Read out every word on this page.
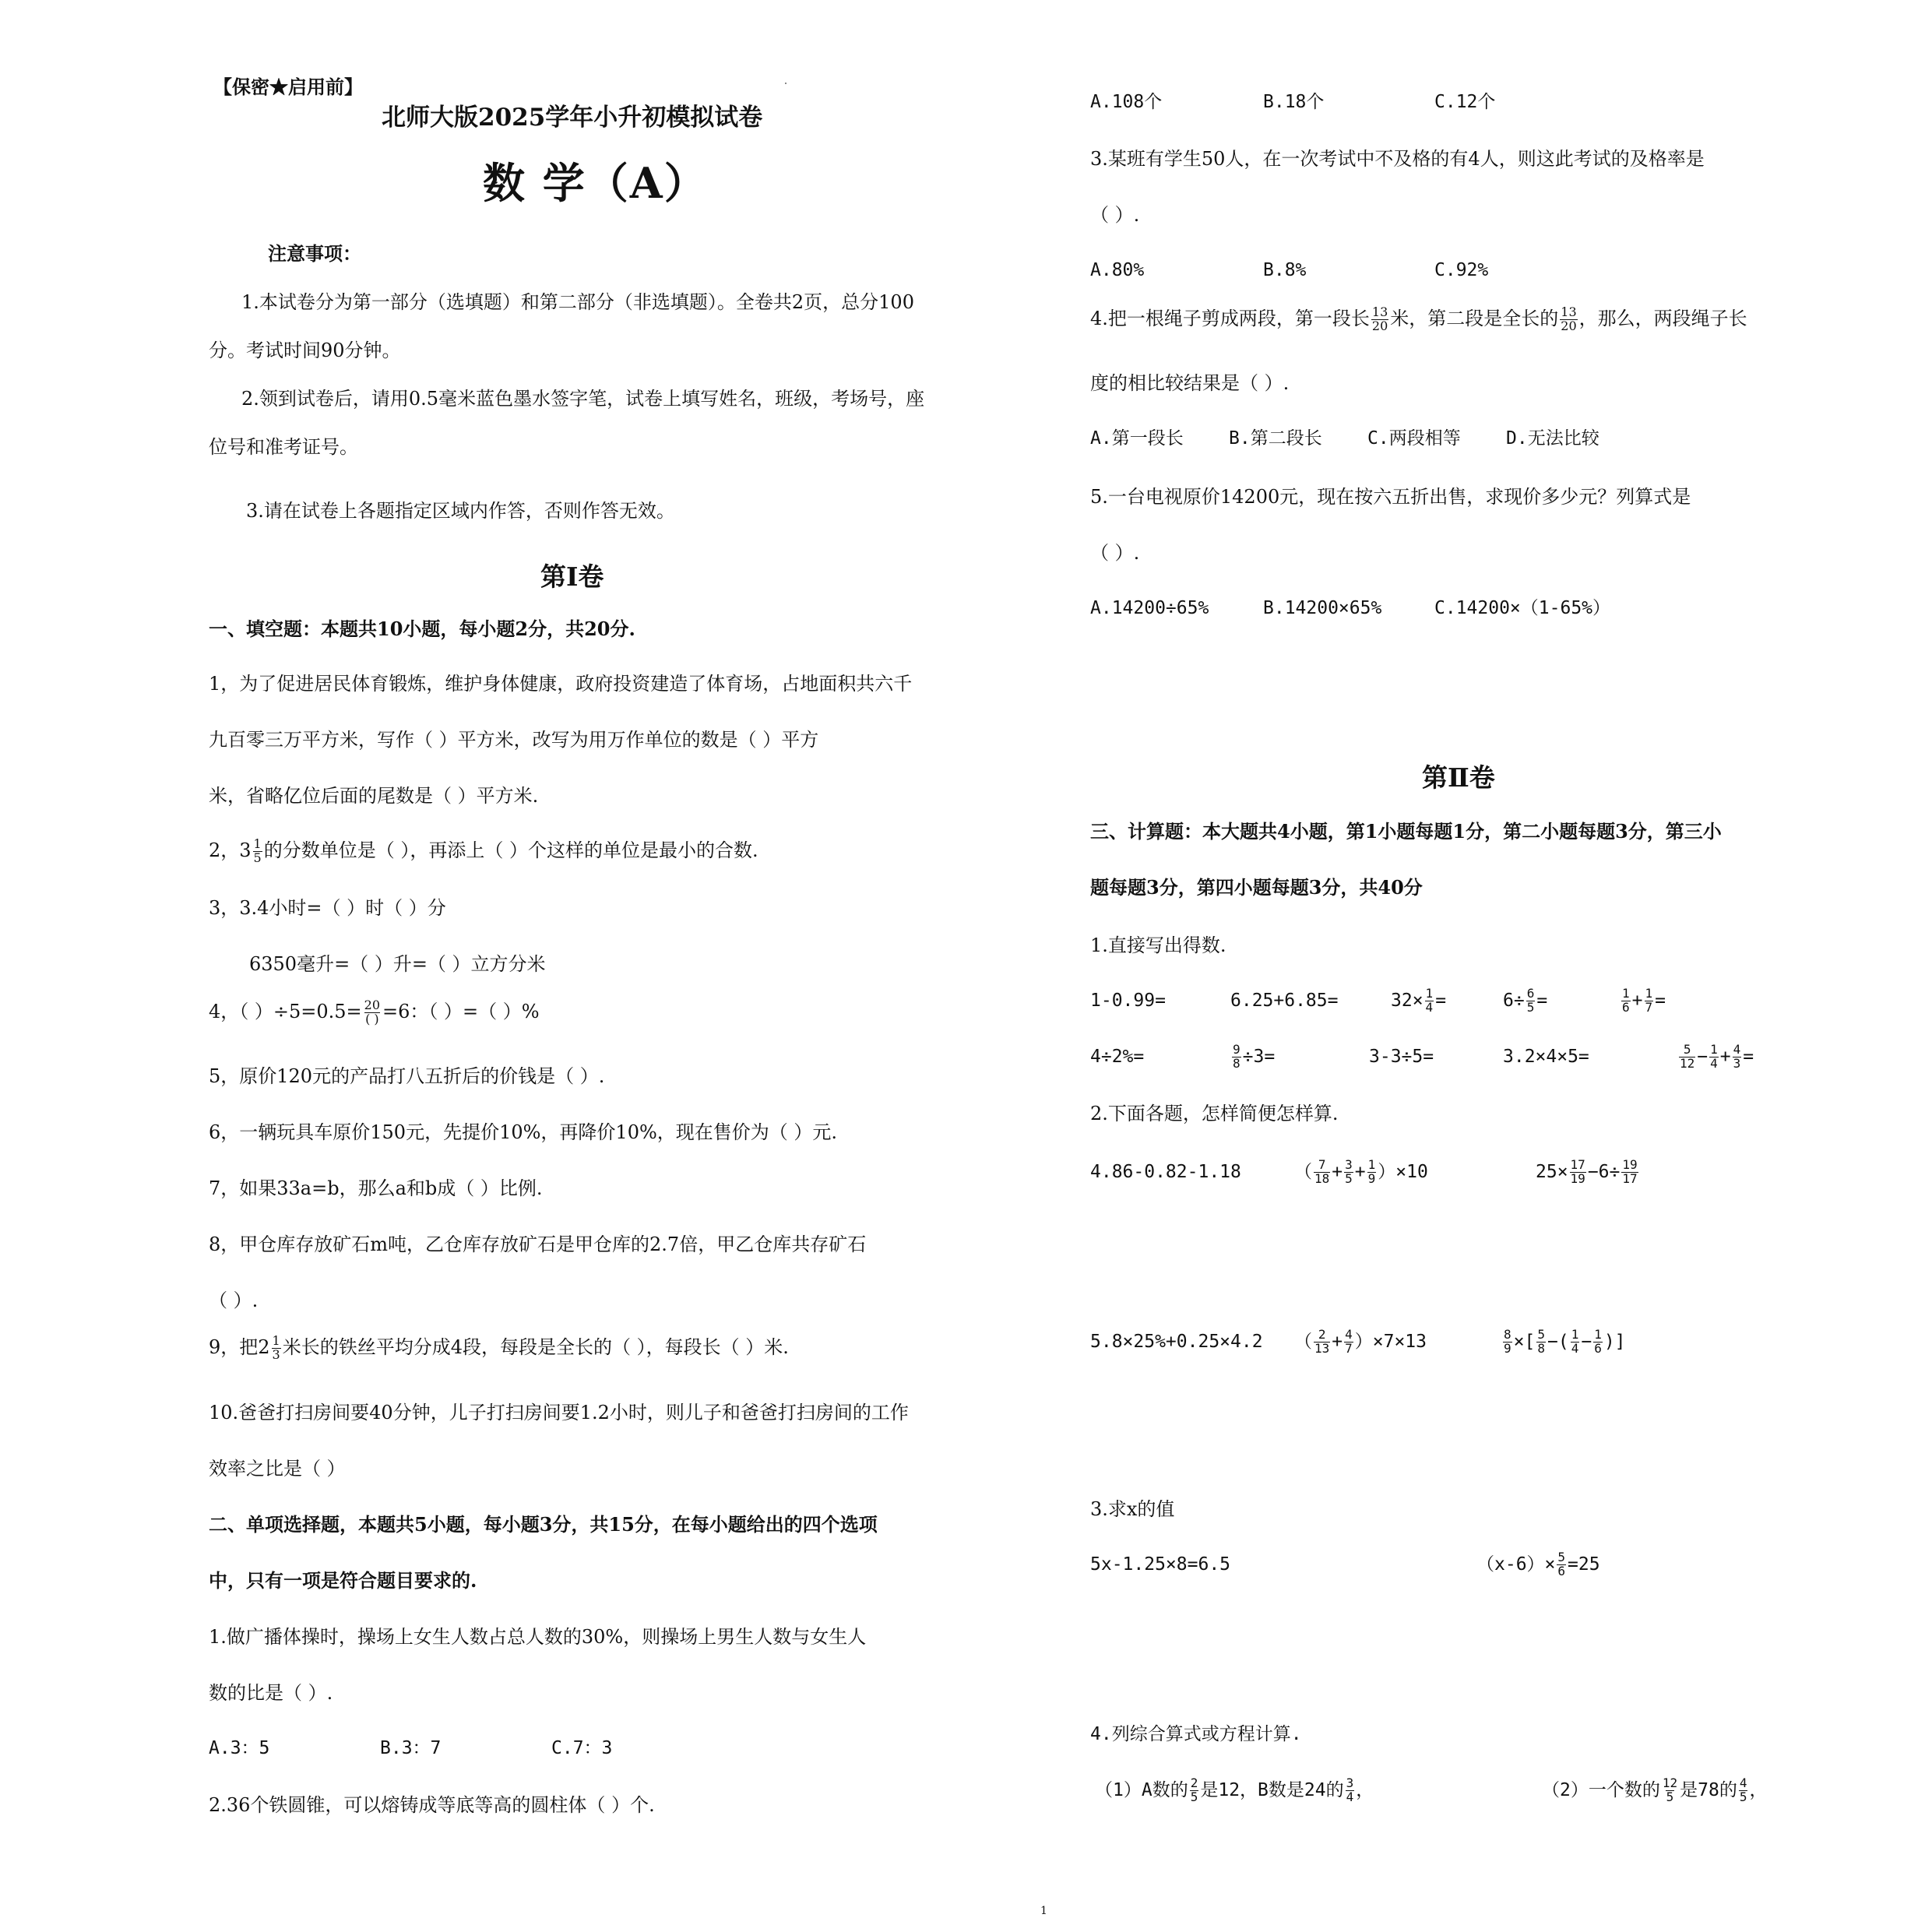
【保密★启用前】
北师大版2025学年小升初模拟试卷
数 学（A）
注意事项：
1.本试卷分为第一部分（选填题）和第二部分（非选填题）。全卷共2页，总分100
分。考试时间90分钟。
2.领到试卷后，请用0.5毫米蓝色墨水签字笔，试卷上填写姓名，班级，考场号，座
位号和准考证号。
3.请在试卷上各题指定区域内作答，否则作答无效。
第Ⅰ卷
一、填空题：本题共10小题，每小题2分，共20分.
1，为了促进居民体育锻炼，维护身体健康，政府投资建造了体育场，占地面积共六千
九百零三万平方米，写作（ ）平方米，改写为用万作单位的数是（ ）平方
米，省略亿位后面的尾数是（ ）平方米.
2，$3 \frac{1}{5}$ 的分数单位是（ ），再添上（ ）个这样的单位是最小的合数.
3，3.4小时=（ ）时（ ）分
6350毫升=（ ）升=（ ）立方分米
4，（ ）$\div 5=0.5= \frac{20}{( )} =6$：（ ）=（ ）%
5，原价120元的产品打八五折后的价钱是（ ）.
6，一辆玩具车原价150元，先提价10%，再降价10%，现在售价为（ ）元.
7，如果33a=b，那么a和b成（ ）比例.
8，甲仓库存放矿石m吨，乙仓库存放矿石是甲仓库的2.7倍，甲乙仓库共存矿石
（ ）.
9，把$2 \frac{1}{3}$ 米长的铁丝平均分成4段，每段是全长的（ ），每段长（ ）米.
10.爸爸打扫房间要40分钟，儿子打扫房间要1.2小时，则儿子和爸爸打扫房间的工作
效率之比是（ ）
二、单项选择题，本题共5小题，每小题3分，共15分，在每小题给出的四个选项
中，只有一项是符合题目要求的.
1.做广播体操时，操场上女生人数占总人数的30%，则操场上男生人数与女生人
数的比是（ ）.
A.3：5	B.3：7	C.7：3
2.36个铁圆锥，可以熔铸成等底等高的圆柱体（ ）个.
A.108个	B.18个	C.12个
3.某班有学生50人，在一次考试中不及格的有4人，则这此考试的及格率是
（ ）.
A.80%	B.8%	C.92%
4.把一根绳子剪成两段，第一段长 $\frac{13}{20}$ 米，第二段是全长的 $\frac{13}{20}$ ，那么，两段绳子长
度的相比较结果是（ ）.
A.第一段长	B.第二段长	C.两段相等	D.无法比较
5.一台电视原价14200元，现在按六五折出售，求现价多少元？列算式是
（ ）.
A.14200÷65%	B.14200×65%	C.14200×（1-65%）
第Ⅱ卷
三、计算题：本大题共4小题，第1小题每题1分，第二小题每题3分，第三小
题每题3分，第四小题每题3分，共40分
1.直接写出得数.
1-0.99=	6.25+6.85=	$32\times \frac{1}{4}$ =	$6\div \frac{6}{5}$ =	$\frac{1}{6} + \frac{1}{7}$ =
4÷2%=	$\frac{9}{8} \div 3=$	3-3÷5=	3.2×4×5=	$\frac{5}{12} - \frac{1}{4} + \frac{4}{3}$ =
2.下面各题，怎样简便怎样算.
4.86-0.82-1.18	（ $\frac{7}{18} + \frac{3}{5} + \frac{1}{9} )\times 10$	$25\times \frac{17}{19} -6\div \frac{19}{17}$
5.8×25%+0.25×4.2 （ $\frac{2}{13} + \frac{4}{7} )\times 7\times 13$	$\frac{8}{9}$ ×[ $\frac{5}{8}$ −( $\frac{1}{4} - \frac{1}{6}$ )]
3.求x的值
5x-1.25×8=6.5	$(x-6)\times \frac{5}{6} =25$
4.列综合算式或方程计算.
（1）A数的 $\frac{2}{5}$ 是12，B数是24的 $\frac{3}{4}$ ，	（2）一个数的 $\frac{12}{5}$ 是78的 $\frac{4}{5}$ ，
1
